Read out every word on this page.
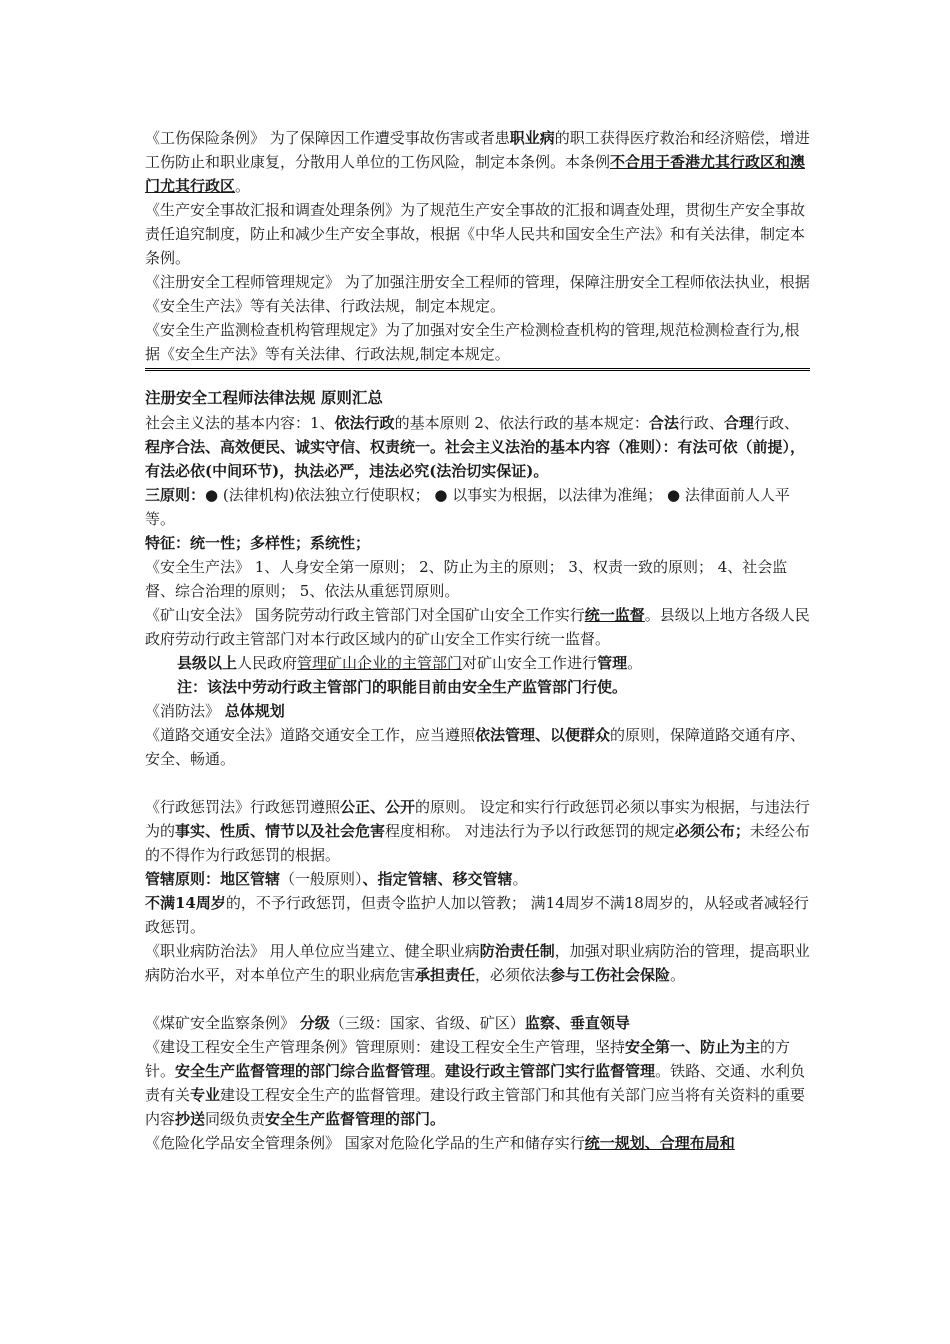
《工伤保险条例》 为了保障因工作遭受事故伤害或者患职业病的职工获得医疗救治和经济赔偿，增进工伤防止和职业康复，分散用人单位的工伤风险，制定本条例。本条例不合用于香港尤其行政区和澳门尤其行政区。

《生产安全事故汇报和调查处理条例》为了规范生产安全事故的汇报和调查处理，贯彻生产安全事故责任追究制度，防止和减少生产安全事故，根据《中华人民共和国安全生产法》和有关法律，制定本条例。

《注册安全工程师管理规定》 为了加强注册安全工程师的管理，保障注册安全工程师依法执业，根据《安全生产法》等有关法律、行政法规，制定本规定。

《安全生产监测检查机构管理规定》为了加强对安全生产检测检查机构的管理,规范检测检查行为,根据《安全生产法》等有关法律、行政法规,制定本规定。

注册安全工程师法律法规 原则汇总

社会主义法的基本内容：1、依法行政的基本原则 2、依法行政的基本规定：合法行政、合理行政、程序合法、高效便民、诚实守信、权责统一。社会主义法治的基本内容（准则）：有法可依（前提），有法必依(中间环节)，执法必严，违法必究(法治切实保证)。

三原则：● (法律机构)依法独立行使职权； ● 以事实为根据，以法律为准绳； ● 法律面前人人平等。

特征：统一性；多样性；系统性；

《安全生产法》 1、人身安全第一原则； 2、防止为主的原则； 3、权责一致的原则； 4、社会监督、综合治理的原则； 5、依法从重惩罚原则。

《矿山安全法》 国务院劳动行政主管部门对全国矿山安全工作实行统一监督。县级以上地方各级人民政府劳动行政主管部门对本行政区域内的矿山安全工作实行统一监督。

县级以上人民政府管理矿山企业的主管部门对矿山安全工作进行管理。

注：该法中劳动行政主管部门的职能目前由安全生产监管部门行使。

《消防法》 总体规划

《道路交通安全法》道路交通安全工作，应当遵照依法管理、以便群众的原则，保障道路交通有序、安全、畅通。

《行政惩罚法》行政惩罚遵照公正、公开的原则。 设定和实行行政惩罚必须以事实为根据，与违法行为的事实、性质、情节以及社会危害程度相称。 对违法行为予以行政惩罚的规定必须公布；未经公布的不得作为行政惩罚的根据。

管辖原则：地区管辖（一般原则）、指定管辖、移交管辖。

不满14周岁的，不予行政惩罚，但责令监护人加以管教； 满14周岁不满18周岁的，从轻或者减轻行政惩罚。

《职业病防治法》 用人单位应当建立、健全职业病防治责任制，加强对职业病防治的管理，提高职业病防治水平，对本单位产生的职业病危害承担责任，必须依法参与工伤社会保险。

《煤矿安全监察条例》 分级（三级：国家、省级、矿区）监察、垂直领导

《建设工程安全生产管理条例》管理原则：建设工程安全生产管理，坚持安全第一、防止为主的方针。安全生产监督管理的部门综合监督管理。建设行政主管部门实行监督管理。铁路、交通、水利负责有关专业建设工程安全生产的监督管理。建设行政主管部门和其他有关部门应当将有关资料的重要内容抄送同级负责安全生产监督管理的部门。

《危险化学品安全管理条例》 国家对危险化学品的生产和储存实行统一规划、合理布局和
